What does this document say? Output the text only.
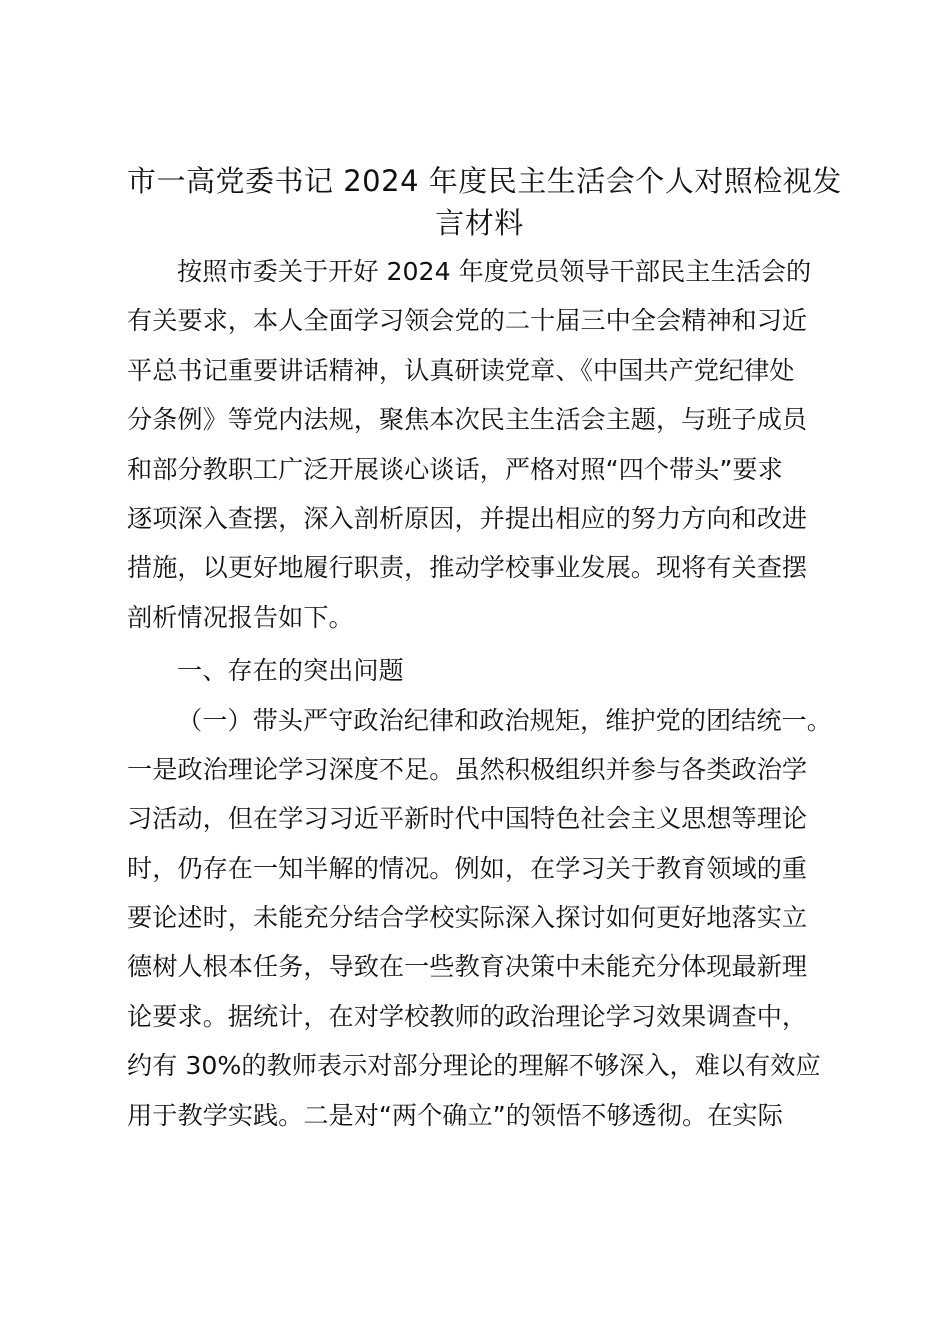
市一高党委书记 2024 年度民主生活会个人对照检视发
言材料
按照市委关于开好 2024 年度党员领导干部民主生活会的
有关要求，本人全面学习领会党的二十届三中全会精神和习近
平总书记重要讲话精神，认真研读党章、《中国共产党纪律处
分条例》等党内法规，聚焦本次民主生活会主题，与班子成员
和部分教职工广泛开展谈心谈话，严格对照“四个带头”要求
逐项深入查摆，深入剖析原因，并提出相应的努力方向和改进
措施，以更好地履行职责，推动学校事业发展。现将有关查摆
剖析情况报告如下。
一、存在的突出问题
（一）带头严守政治纪律和政治规矩，维护党的团结统一。
一是政治理论学习深度不足。虽然积极组织并参与各类政治学
习活动，但在学习习近平新时代中国特色社会主义思想等理论
时，仍存在一知半解的情况。例如，在学习关于教育领域的重
要论述时，未能充分结合学校实际深入探讨如何更好地落实立
德树人根本任务，导致在一些教育决策中未能充分体现最新理
论要求。据统计，在对学校教师的政治理论学习效果调查中，
约有 30%的教师表示对部分理论的理解不够深入，难以有效应
用于教学实践。二是对“两个确立”的领悟不够透彻。在实际
